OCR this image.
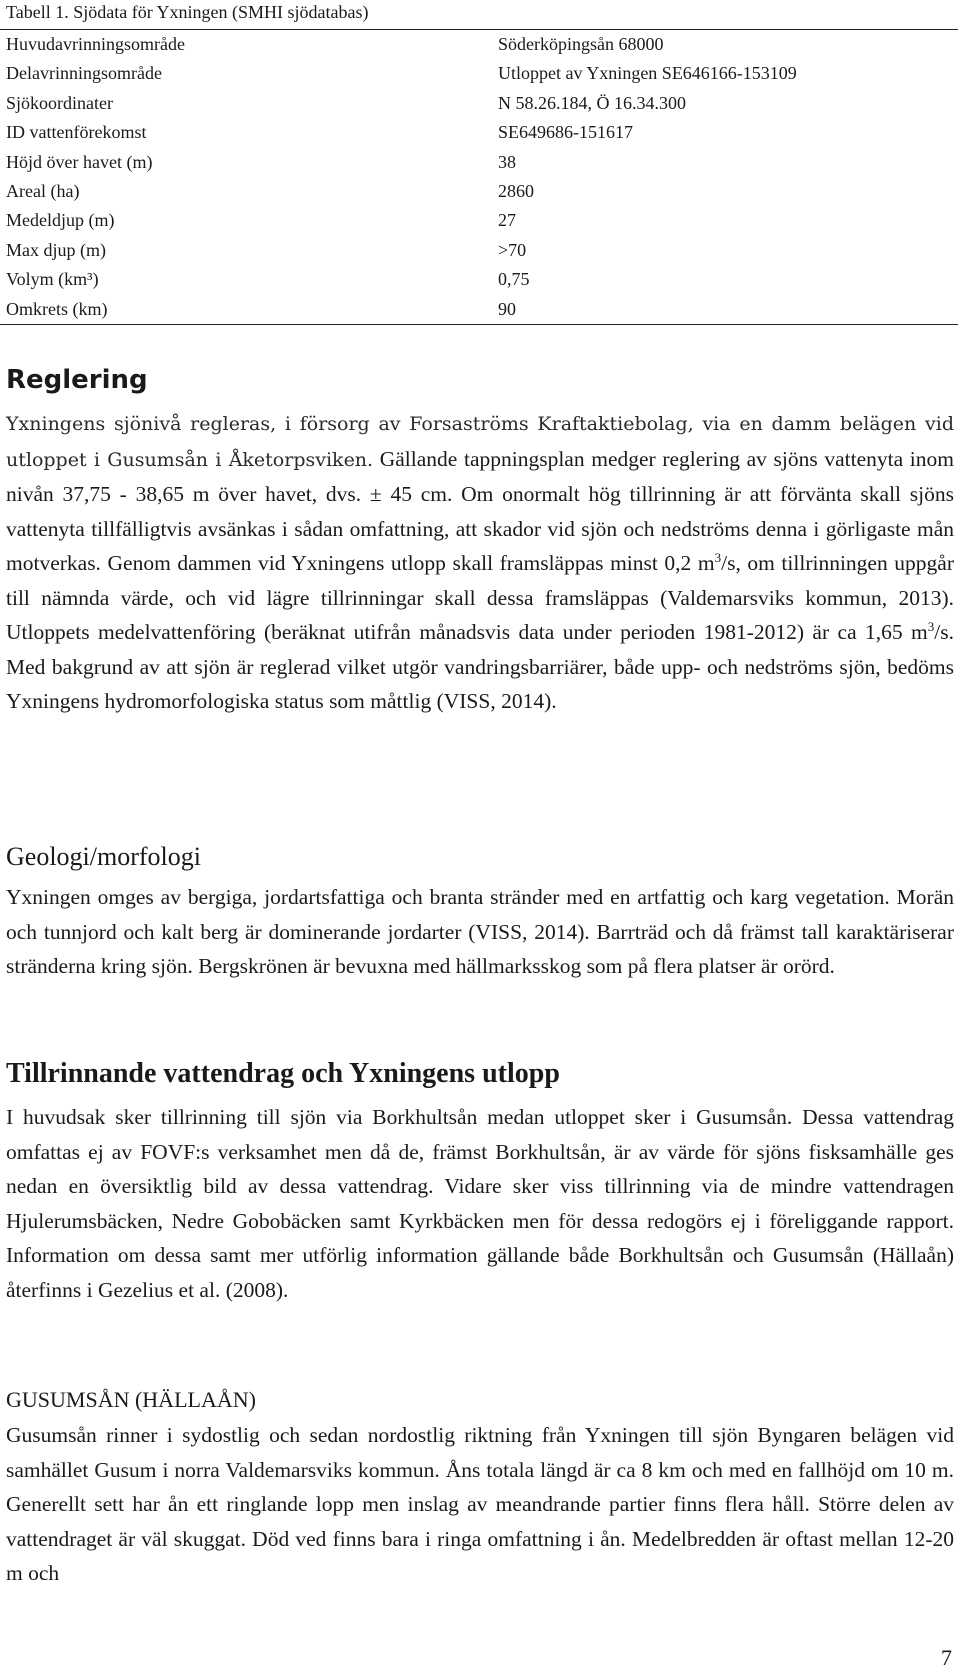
Tabell 1. Sjödata för Yxningen (SMHI sjödatabas)
Huvudavrinningsområde	Söderköpingsån 68000
Delavrinningsområde	Utloppet av Yxningen SE646166-153109
Sjökoordinater	N 58.26.184, Ö 16.34.300
ID vattenförekomst	SE649686-151617
Höjd över havet (m)	38
Areal (ha)	2860
Medeldjup (m)	27
Max djup (m)	>70
Volym (km³)	0,75
Omkrets (km)	90
Reglering

Yxningens sjönivå regleras, i försorg av Forsaströms Kraftaktiebolag, via en damm belägen vid utloppet i Gusumsån i Åketorpsviken. Gällande tappningsplan medger reglering av sjöns vattenyta inom nivån 37,75 - 38,65 m över havet, dvs. ± 45 cm. Om onormalt hög tillrinning är att förvänta skall sjöns vattenyta tillfälligtvis avsänkas i sådan omfattning, att skador vid sjön och nedströms denna i görligaste mån motverkas. Genom dammen vid Yxningens utlopp skall framsläppas minst 0,2 $m^3/s$, om tillrinningen uppgår till nämnda värde, och vid lägre tillrinningar skall dessa framsläppas (Valdemarsviks kommun, 2013). Utloppets medelvattenföring (beräknat utifrån månadsvis data under perioden 1981-2012) är ca 1,65 $m^3/s$. Med bakgrund av att sjön är reglerad vilket utgör vandringsbarriärer, både upp- och nedströms sjön, bedöms Yxningens hydromorfologiska status som måttlig (VISS, 2014).

Geologi/morfologi

Yxningen omges av bergiga, jordartsfattiga och branta stränder med en artfattig och karg vegetation. Morän och tunnjord och kalt berg är dominerande jordarter (VISS, 2014). Barrträd och då främst tall karaktäriserar stränderna kring sjön. Bergskrönen är bevuxna med hällmarksskog som på flera platser är orörd.

Tillrinnande vattendrag och Yxningens utlopp

I huvudsak sker tillrinning till sjön via Borkhultsån medan utloppet sker i Gusumsån. Dessa vattendrag omfattas ej av FOVF:s verksamhet men då de, främst Borkhultsån, är av värde för sjöns fisksamhälle ges nedan en översiktlig bild av dessa vattendrag. Vidare sker viss tillrinning via de mindre vattendragen Hjulerumsbäcken, Nedre Gobobäcken samt Kyrkbäcken men för dessa redogörs ej i föreliggande rapport. Information om dessa samt mer utförlig information gällande både Borkhultsån och Gusumsån (Hällaån) återfinns i Gezelius et al. (2008).

GUSUMSÅN (HÄLLAÅN)

Gusumsån rinner i sydostlig och sedan nordostlig riktning från Yxningen till sjön Byngaren belägen vid samhället Gusum i norra Valdemarsviks kommun. Åns totala längd är ca 8 km och med en fallhöjd om 10 m. Generellt sett har ån ett ringlande lopp men inslag av meandrande partier finns flera håll. Större delen av vattendraget är väl skuggat. Död ved finns bara i ringa omfattning i ån. Medelbredden är oftast mellan 12-20 m och

7
